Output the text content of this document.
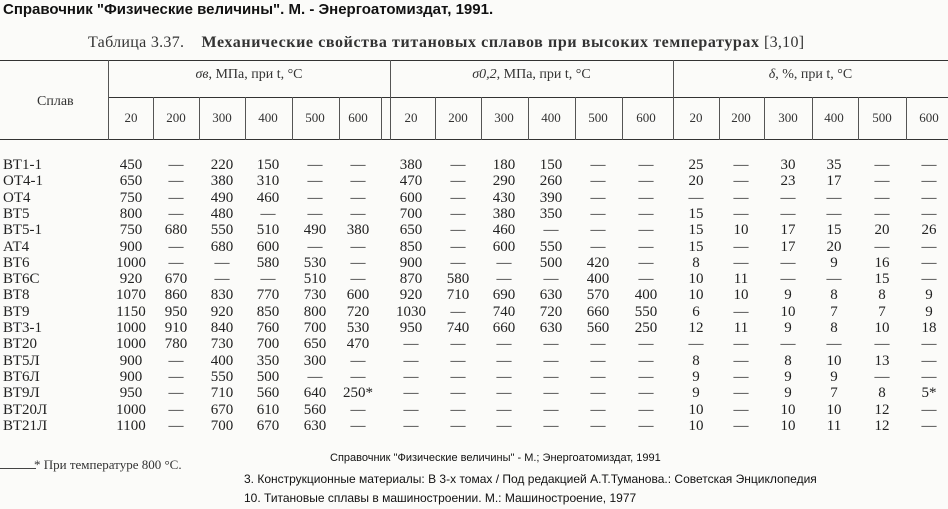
Справочник "Физические величины". М. - Энергоатомиздат, 1991.
Таблица 3.37. Механические свойства титановых сплавов при высоких температурах [3,10]
Сплав
σв, МПа, при t, °С	σ0,2, МПа, при t, °С	δ, %, при t, °С
20	200	300	400	500	600	20	200	300	400	500	600	20	200	300	400	500	600
ВТ1-1	450	—	220	150	—	—	380	—	180	150	—	—	25	—	30	35	—	—
ОТ4-1	650	—	380	310	—	—	470	—	290	260	—	—	20	—	23	17	—	—
ОТ4	750	—	490	460	—	—	600	—	430	390	—	—	—	—	—	—	—	—
ВТ5	800	—	480	—	—	—	700	—	380	350	—	—	15	—	—	—	—	—
ВТ5-1	750	680	550	510	490	380	650	—	460	—	—	—	15	10	17	15	20	26
АТ4	900	—	680	600	—	—	850	—	600	550	—	—	15	—	17	20	—	—
ВТ6	1000	—	—	580	530	—	900	—	—	500	420	—	8	—	—	9	16	—
ВТ6С	920	670	—	—	510	—	870	580	—	—	400	—	10	11	—	—	15	—
ВТ8	1070	860	830	770	730	600	920	710	690	630	570	400	10	10	9	8	8	9
ВТ9	1150	950	920	850	800	720	1030	—	740	720	660	550	6	—	10	7	7	9
ВТ3-1	1000	910	840	760	700	530	950	740	660	630	560	250	12	11	9	8	10	18
ВТ20	1000	780	730	700	650	470	—	—	—	—	—	—	—	—	—	—	—	—
ВТ5Л	900	—	400	350	300	—	—	—	—	—	—	—	8	—	8	10	13	—
ВТ6Л	900	—	550	500	—	—	—	—	—	—	—	—	9	—	9	9	—	—
ВТ9Л	950	—	710	560	640	250*	—	—	—	—	—	—	9	—	9	7	8	5*
ВТ20Л	1000	—	670	610	560	—	—	—	—	—	—	—	10	—	10	10	12	—
ВТ21Л	1100	—	700	670	630	—	—	—	—	—	—	—	10	—	10	11	12	—
* При температуре 800 °С.	Справочник "Физические величины" - М.; Энергоатомиздат, 1991
3. Конструкционные материалы: В 3-х томах / Под редакцией А.Т.Туманова.: Советская Энциклопедия
10. Титановые сплавы в машиностроении. М.: Машиностроение, 1977
